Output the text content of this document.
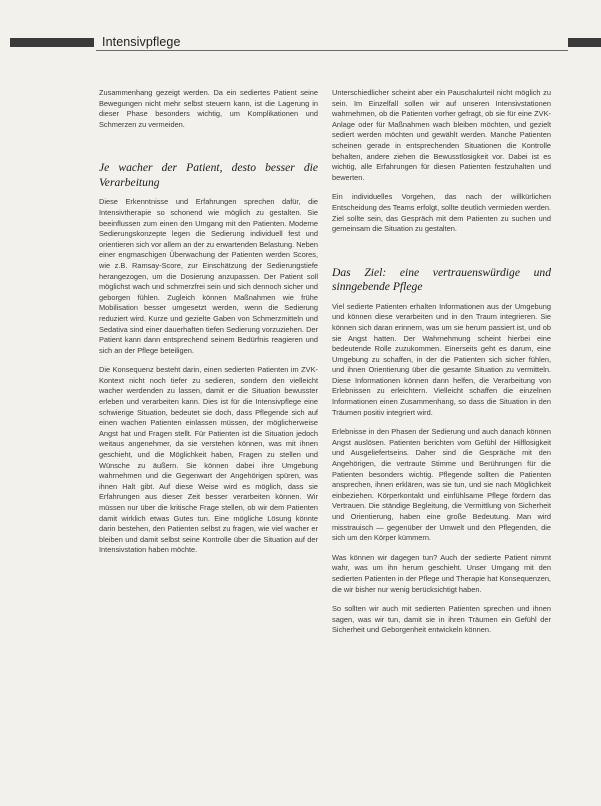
Intensivpflege

Zusammenhang gezeigt werden. Da ein sediertes Patient seine Bewegungen nicht mehr selbst steuern kann, ist die Lagerung in dieser Phase besonders wichtig, um Komplikationen und Schmerzen zu vermeiden.

Je wacher der Patient, desto besser die Verarbeitung

Diese Erkenntnisse und Erfahrungen sprechen dafür, die Intensivtherapie so schonend wie möglich zu gestalten. Sie beeinflussen zum einen den Umgang mit den Patienten. Moderne Sedierungskonzepte legen die Sedierung individuell fest und orientieren sich vor allem an der zu erwartenden Belastung. Neben einer engmaschigen Überwachung der Patienten werden Scores, wie z.B. Ramsay-Score, zur Einschätzung der Sedierungstiefe herangezogen, um die Dosierung anzupassen. Der Patient soll möglichst wach und schmerzfrei sein und sich dennoch sicher und geborgen fühlen. Zugleich können Maßnahmen wie frühe Mobilisation besser umgesetzt werden, wenn die Sedierung reduziert wird. Kurze und gezielte Gaben von Schmerzmitteln und Sedativa sind einer dauerhaften tiefen Sedierung vorzuziehen. Der Patient kann dann entsprechend seinem Bedürfnis reagieren und sich an der Pflege beteiligen.

Die Konsequenz besteht darin, einen sedierten Patienten im ZVK-Kontext nicht noch tiefer zu sedieren, sondern den vielleicht wacher werdenden zu lassen, damit er die Situation bewusster erleben und verarbeiten kann. Dies ist für die Intensivpflege eine schwierige Situation, bedeutet sie doch, dass Pflegende sich auf einen wachen Patienten einlassen müssen, der möglicherweise Angst hat und Fragen stellt. Für Patienten ist die Situation jedoch weitaus angenehmer, da sie verstehen können, was mit ihnen geschieht, und die Möglichkeit haben, Fragen zu stellen und Wünsche zu äußern. Sie können dabei ihre Umgebung wahrnehmen und die Gegenwart der Angehörigen spüren, was ihnen Halt gibt. Auf diese Weise wird es möglich, dass sie Erfahrungen aus dieser Zeit besser verarbeiten können. Wir müssen nur über die kritische Frage stellen, ob wir dem Patienten damit wirklich etwas Gutes tun. Eine mögliche Lösung könnte darin bestehen, den Patienten selbst zu fragen, wie viel wacher er bleiben und damit selbst seine Kontrolle über die Situation auf der Intensivstation haben möchte.

Unterschiedlicher scheint aber ein Pauschalurteil nicht möglich zu sein. Im Einzelfall sollen wir auf unseren Intensivstationen wahrnehmen, ob die Patienten vorher gefragt, ob sie für eine ZVK-Anlage oder für Maßnahmen wach bleiben möchten, und gezielt sediert werden möchten und gewählt werden. Manche Patienten scheinen gerade in entsprechenden Situationen die Kontrolle behalten, andere ziehen die Bewusstlosigkeit vor. Dabei ist es wichtig, alle Erfahrungen für diesen Patienten festzuhalten und bewerten.

Ein individuelles Vorgehen, das nach der willkürlichen Entscheidung des Teams erfolgt, sollte deutlich vermieden werden. Ziel sollte sein, das Gespräch mit dem Patienten zu suchen und gemeinsam die Situation zu gestalten.

Das Ziel: eine vertrauenswürdige und sinngebende Pflege

Viel sedierte Patienten erhalten Informationen aus der Umgebung und können diese verarbeiten und in den Traum integrieren. Sie können sich daran erinnern, was um sie herum passiert ist, und ob sie Angst hatten. Der Wahrnehmung scheint hierbei eine bedeutende Rolle zuzukommen. Einerseits geht es darum, eine Umgebung zu schaffen, in der die Patienten sich sicher fühlen, und ihnen Orientierung über die gesamte Situation zu vermitteln. Diese Informationen können dann helfen, die Verarbeitung von Erlebnissen zu erleichtern. Vielleicht schaffen die einzelnen Informationen einen Zusammenhang, so dass die Situation in den Träumen positiv integriert wird.

Erlebnisse in den Phasen der Sedierung und auch danach können Angst auslösen. Patienten berichten vom Gefühl der Hilflosigkeit und Ausgeliefertseins. Daher sind die Gespräche mit den Angehörigen, die vertraute Stimme und Berührungen für die Patienten besonders wichtig. Pflegende sollten die Patienten ansprechen, ihnen erklären, was sie tun, und sie nach Möglichkeit einbeziehen. Körperkontakt und einfühlsame Pflege fördern das Vertrauen. Die ständige Begleitung, die Vermittlung von Sicherheit und Orientierung, haben eine große Bedeutung. Man wird misstrauisch — gegenüber der Umwelt und den Pflegenden, die sich um den Körper kümmern.

Was können wir dagegen tun? Auch der sedierte Patient nimmt wahr, was um ihn herum geschieht. Unser Umgang mit den sedierten Patienten in der Pflege und Therapie hat Konsequenzen, die wir bisher nur wenig berücksichtigt haben.

So sollten wir auch mit sedierten Patienten sprechen und ihnen sagen, was wir tun, damit sie in ihren Träumen ein Gefühl der Sicherheit und Geborgenheit entwickeln können.
